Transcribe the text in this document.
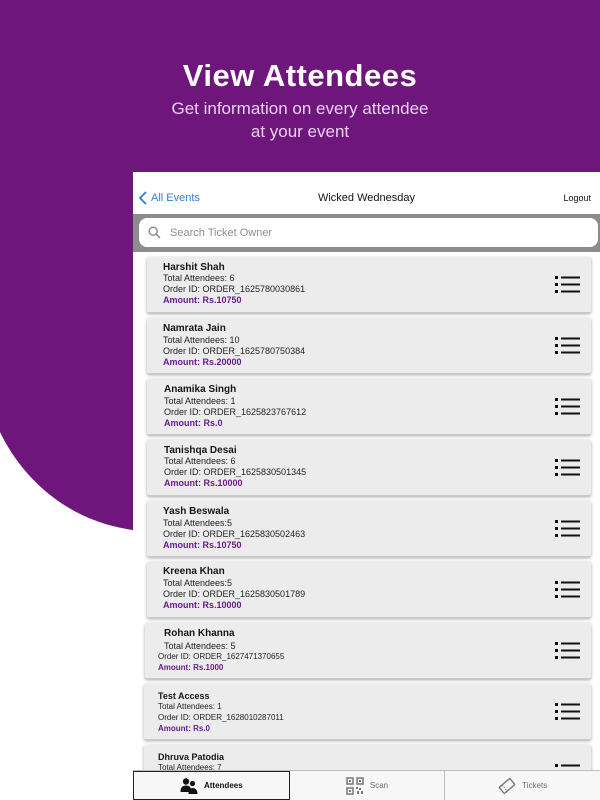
View Attendees
Get information on every attendee
at your event
All Events	Wicked Wednesday	Logout
Search Ticket Owner
Harshit Shah
Total Attendees: 6
Order ID: ORDER_1625780030861
Amount: Rs.10750
Namrata Jain
Total Attendees: 10
Order ID: ORDER_1625780750384
Amount: Rs.20000
Anamika Singh
Total Attendees: 1
Order ID: ORDER_1625823767612
Amount: Rs.0
Tanishqa Desai
Total Attendees: 6
Order ID: ORDER_1625830501345
Amount: Rs.10000
Yash Beswala
Total Attendees:5
Order ID: ORDER_1625830502463
Amount: Rs.10750
Kreena Khan
Total Attendees:5
Order ID: ORDER_1625830501789
Amount: Rs.10000
Rohan Khanna
Total Attendees: 5
Order ID: ORDER_1627471370655
Amount: Rs.1000
Test Access
Total Attendees: 1
Order ID: ORDER_1628010287011
Amount: Rs.0
Dhruva Patodia
Total Attendees: 7
Attendees	Scan	Tickets
